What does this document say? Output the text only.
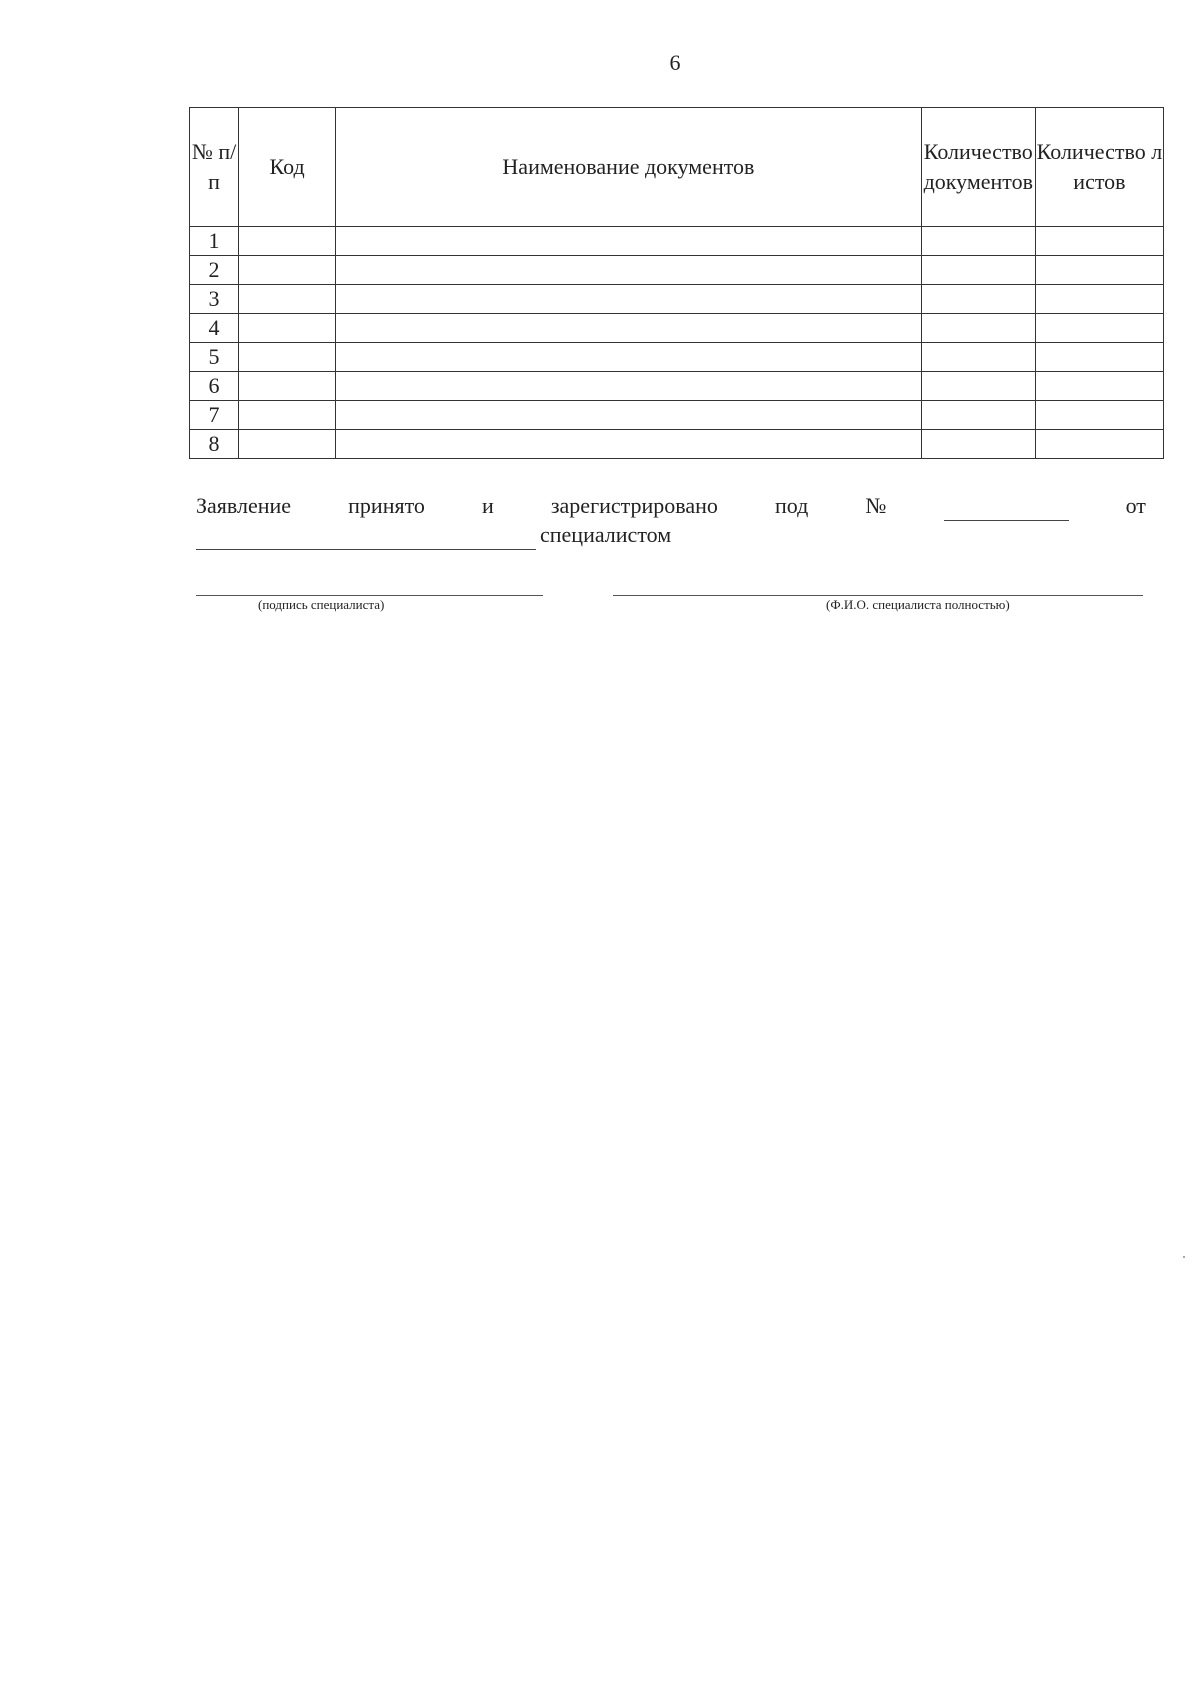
6
№ п/п	Код	Наименование документов	Количество документов	Количество листов
1				
2				
3				
4				
5				
6				
7				
8				
Заявление	принято	и	зарегистрировано	под	№
	от
специалистом
(подпись специалиста)	(Ф.И.О. специалиста полностью)
